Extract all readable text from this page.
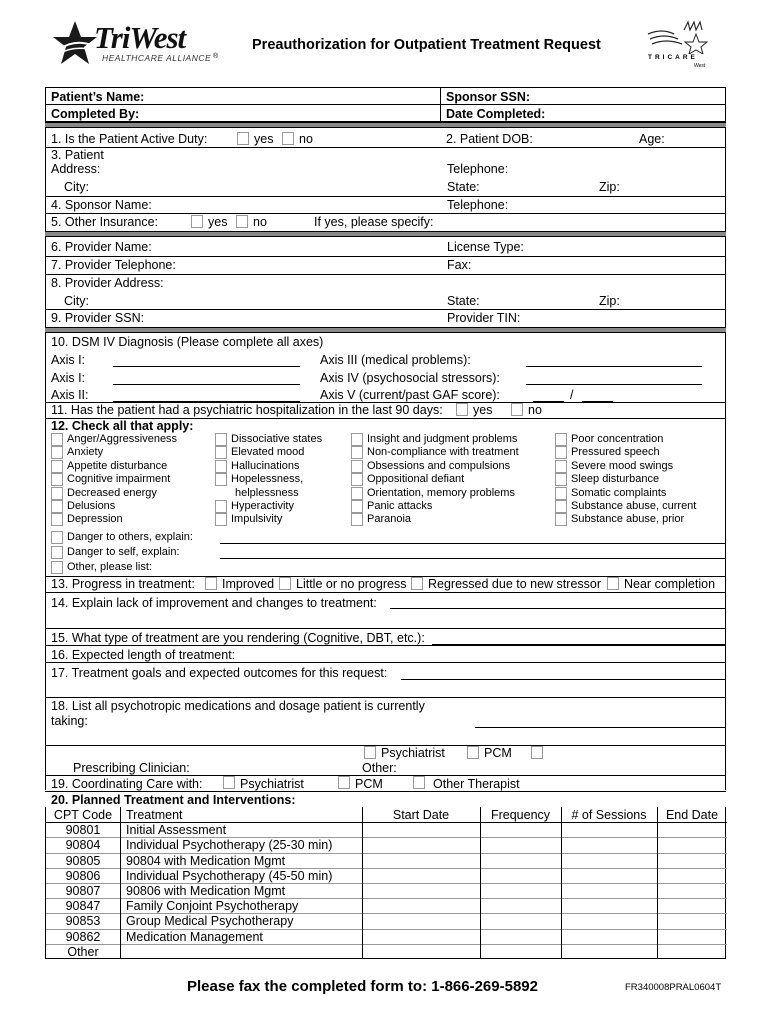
TriWest
HEALTHCARE ALLIANCE ®
Preauthorization for Outpatient Treatment Request
TRICARE
West
Patient’s Name:	Sponsor SSN:
Completed By:	Date Completed:
1. Is the Patient Active Duty:	yes no	2. Patient DOB:	Age:
3. Patient
Address:	Telephone:
City:	State:	Zip:
4. Sponsor Name:	Telephone:
5. Other Insurance:	yes no	If yes, please specify:
6. Provider Name:	License Type:
7. Provider Telephone:	Fax:
8. Provider Address:
City:	State:	Zip:
9. Provider SSN:	Provider TIN:
10. DSM IV Diagnosis (Please complete all axes)
Axis I:	Axis III (medical problems):
Axis I:	Axis IV (psychosocial stressors):
Axis II:	Axis V (current/past GAF score):	/
11. Has the patient had a psychiatric hospitalization in the last 90 days: yes	no
12. Check all that apply:
Anger/Aggressiveness
Anxiety
Appetite disturbance
Cognitive impairment
Decreased energy
Delusions
Depression
Dissociative states
Elevated mood
Hallucinations
Hopelessness,
helplessness
Hyperactivity
Impulsivity
Insight and judgment problems
Non-compliance with treatment
Obsessions and compulsions
Oppositional defiant
Orientation, memory problems
Panic attacks
Paranoia
Poor concentration
Pressured speech
Severe mood swings
Sleep disturbance
Somatic complaints
Substance abuse, current
Substance abuse, prior
Danger to others, explain:
Danger to self, explain:
Other, please list:
13. Progress in treatment: Improved Little or no progress Regressed due to new stressor Near completion
14. Explain lack of improvement and changes to treatment:
15. What type of treatment are you rendering (Cognitive, DBT, etc.):
16. Expected length of treatment:
17. Treatment goals and expected outcomes for this request:
18. List all psychotropic medications and dosage patient is currently
taking:
Psychiatrist	PCM
Prescribing Clinician:	Other:
19. Coordinating Care with:	Psychiatrist	PCM	Other Therapist
20. Planned Treatment and Interventions:
CPT Code	Treatment	Start Date	Frequency	# of Sessions	End Date
90801	Initial Assessment
90804	Individual Psychotherapy (25-30 min)
90805	90804 with Medication Mgmt
90806	Individual Psychotherapy (45-50 min)
90807	90806 with Medication Mgmt
90847	Family Conjoint Psychotherapy
90853	Group Medical Psychotherapy
90862	Medication Management
Other
Please fax the completed form to: 1-866-269-5892	FR340008PRAL0604T
